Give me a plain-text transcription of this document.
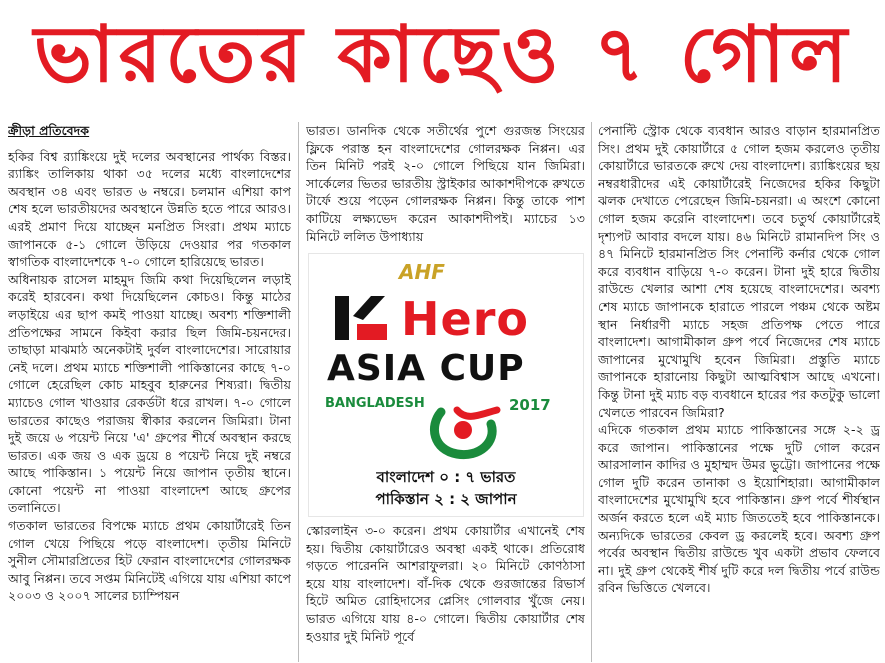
ভারতের কাছেও ৭ গোল
ক্রীড়া প্রতিবেদক

হকির বিশ্ব র‍্যাঙ্কিংয়ে দুই দলের অবস্থানের পার্থক্য বিস্তর। র‍্যাঙ্কিং তালিকায় থাকা ৩৫ দলের মধ্যে বাংলাদেশের অবস্থান ৩৪ এবং ভারত ৬ নম্বরে। চলমান এশিয়া কাপ শেষ হলে ভারতীয়দের অবস্থানে উন্নতি হতে পারে আরও। এরই প্রমাণ দিয়ে যাচ্ছেন মনপ্রিত সিংরা। প্রথম ম্যাচে জাপানকে ৫-১ গোলে উড়িয়ে দেওয়ার পর গতকাল স্বাগতিক বাংলাদেশকে ৭-০ গোলে হারিয়েছে ভারত।

অধিনায়ক রাসেল মাহমুদ জিমি কথা দিয়েছিলেন লড়াই করেই হারবেন। কথা দিয়েছিলেন কোচও। কিন্তু মাঠের লড়াইয়ে এর ছাপ কমই পাওয়া যাচ্ছে। অবশ্য শক্তিশালী প্রতিপক্ষের সামনে কিইবা করার ছিল জিমি-চয়নদের। তাছাড়া মাঝমাঠ অনেকটাই দুর্বল বাংলাদেশের। সারোয়ার নেই দলে। প্রথম ম্যাচে শক্তিশালী পাকিস্তানের কাছে ৭-০ গোলে হেরেছিল কোচ মাহবুব হারুনের শিষ্যরা। দ্বিতীয় ম্যাচেও গোল খাওয়ার রেকর্ডটা ধরে রাখল। ৭-০ গোলে ভারতের কাছেও পরাজয় স্বীকার করলেন জিমিরা। টানা দুই জয়ে ৬ পয়েন্ট নিয়ে 'এ' গ্রুপের শীর্ষে অবস্থান করছে ভারত। এক জয় ও এক ড্রয়ে ৪ পয়েন্ট নিয়ে দুই নম্বরে আছে পাকিস্তান। ১ পয়েন্ট নিয়ে জাপান তৃতীয় স্থানে। কোনো পয়েন্ট না পাওয়া বাংলাদেশ আছে গ্রুপের তলানিতে।

গতকাল ভারতের বিপক্ষে ম্যাচে প্রথম কোয়ার্টারেই তিন গোল খেয়ে পিছিয়ে পড়ে বাংলাদেশ। তৃতীয় মিনিটে সুনীল সৌমারপ্রিতের হিট ফেরান বাংলাদেশের গোলরক্ষক আবু নিপ্পন। তবে সপ্তম মিনিটেই এগিয়ে যায় এশিয়া কাপে ২০০৩ ও ২০০৭ সালের চ্যাম্পিয়ন

ভারত। ডানদিক থেকে সতীর্থের পুশে গুরজন্ত সিংয়ের ফ্লিকে পরাস্ত হন বাংলাদেশের গোলরক্ষক নিপ্পন। এর তিন মিনিট পরই ২-০ গোলে পিছিয়ে যান জিমিরা। সার্কেলের ভিতর ভারতীয় স্ট্রাইকার আকাশদীপকে রুখতে টার্ফে শুয়ে পড়েন গোলরক্ষক নিপ্পন। কিন্তু তাকে পাশ কাটিয়ে লক্ষ্যভেদ করেন আকাশদীপই। ম্যাচের ১৩ মিনিটে ললিত উপাধ্যায়

AHF
Hero
ASIA CUP
BANGLADESH	2017
বাংলাদেশ ০ : ৭ ভারত
পাকিস্তান ২ : ২ জাপান

স্কোরলাইন ৩-০ করেন। প্রথম কোয়ার্টার এখানেই শেষ হয়। দ্বিতীয় কোয়ার্টারেও অবস্থা একই থাকে। প্রতিরোধ গড়তে পারেননি আশরাফুলরা। ২০ মিনিটে কোণঠাসা হয়ে যায় বাংলাদেশ। বাঁ-দিক থেকে গুরজান্তের রিভার্স হিটে অমিত রোহিদাসের প্লেসিং গোলবার খুঁজে নেয়। ভারত এগিয়ে যায় ৪-০ গোলে। দ্বিতীয় কোয়ার্টার শেষ হওয়ার দুই মিনিট পূর্বে

পেনাল্টি স্ট্রোক থেকে ব্যবধান আরও বাড়ান হারমানপ্রিত সিং। প্রথম দুই কোয়ার্টারে ৫ গোল হজম করলেও তৃতীয় কোয়ার্টারে ভারতকে রুখে দেয় বাংলাদেশ। র‍্যাঙ্কিংয়ের ছয় নম্বরধারীদের এই কোয়ার্টারেই নিজেদের হকির কিছুটা ঝলক দেখাতে পেরেছেন জিমি-চয়নরা। এ অংশে কোনো গোল হজম করেনি বাংলাদেশ। তবে চতুর্থ কোয়ার্টারেই দৃশ্যপট আবার বদলে যায়। ৪৬ মিনিটে রামানদিপ সিং ও ৪৭ মিনিটে হারমানপ্রিত সিং পেনাল্টি কর্নার থেকে গোল করে ব্যবধান বাড়িয়ে ৭-০ করেন। টানা দুই হারে দ্বিতীয় রাউন্ডে খেলার আশা শেষ হয়েছে বাংলাদেশের। অবশ্য শেষ ম্যাচে জাপানকে হারাতে পারলে পঞ্চম থেকে অষ্টম স্থান নির্ধারণী ম্যাচে সহজ প্রতিপক্ষ পেতে পারে বাংলাদেশ। আগামীকাল গ্রুপ পর্বে নিজেদের শেষ ম্যাচে জাপানের মুখোমুখি হবেন জিমিরা। প্রস্তুতি ম্যাচে জাপানকে হারানোয় কিছুটা আত্মবিশ্বাস আছে এখনো। কিন্তু টানা দুই ম্যাচ বড় ব্যবধানে হারের পর কতটুকু ভালো খেলতে পারবেন জিমিরা?

এদিকে গতকাল প্রথম ম্যাচে পাকিস্তানের সঙ্গে ২-২ ড্র করে জাপান। পাকিস্তানের পক্ষে দুটি গোল করেন আরসালান কাদির ও মুহাম্মদ উমর ভুট্টো। জাপানের পক্ষে গোল দুটি করেন তানাকা ও ইয়োশিহারা। আগামীকাল বাংলাদেশের মুখোমুখি হবে পাকিস্তান। গ্রুপ পর্বে শীর্ষস্থান অর্জন করতে হলে এই ম্যাচ জিততেই হবে পাকিস্তানকে। অন্যদিকে ভারতের কেবল ড্র করলেই হবে। অবশ্য গ্রুপ পর্বের অবস্থান দ্বিতীয় রাউন্ডে খুব একটা প্রভাব ফেলবে না। দুই গ্রুপ থেকেই শীর্ষ দুটি করে দল দ্বিতীয় পর্বে রাউন্ড রবিন ভিত্তিতে খেলবে।
